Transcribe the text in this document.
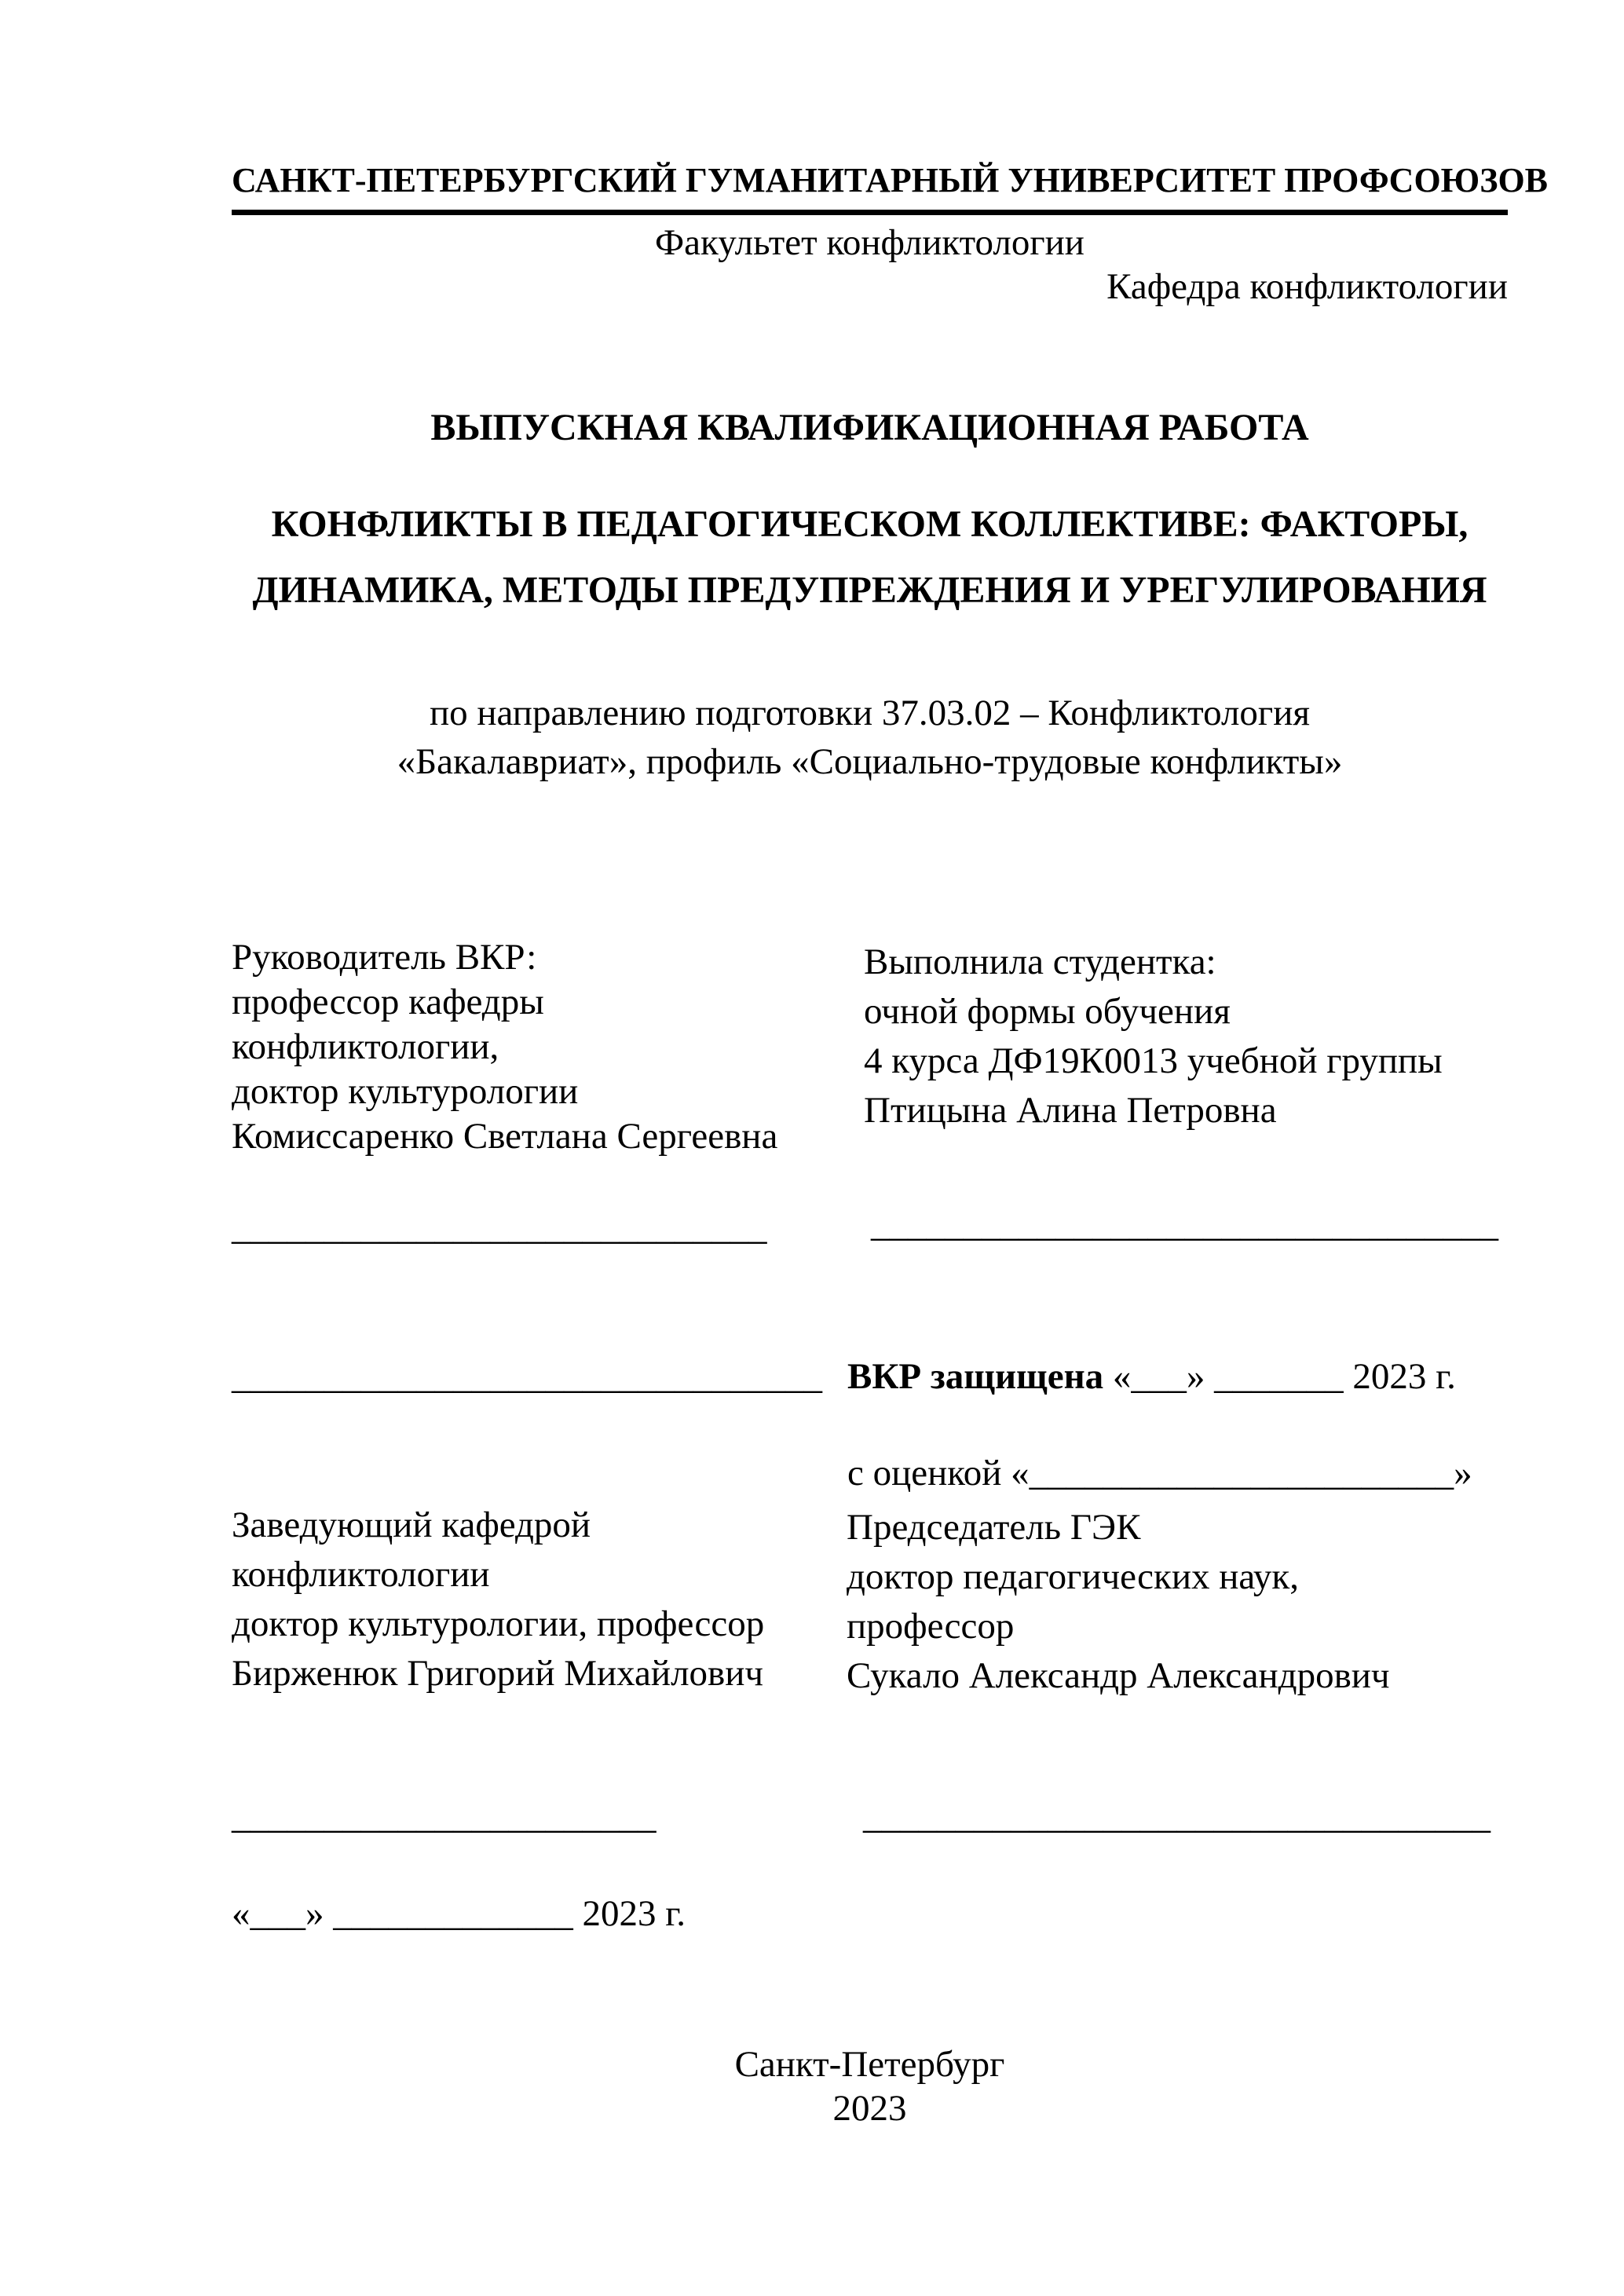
САНКТ-ПЕТЕРБУРГСКИЙ ГУМАНИТАРНЫЙ УНИВЕРСИТЕТ ПРОФСОЮЗОВ
Факультет конфликтологии
Кафедра конфликтологии
ВЫПУСКНАЯ КВАЛИФИКАЦИОННАЯ РАБОТА
КОНФЛИКТЫ В ПЕДАГОГИЧЕСКОМ КОЛЛЕКТИВЕ: ФАКТОРЫ,
ДИНАМИКА, МЕТОДЫ ПРЕДУПРЕЖДЕНИЯ И УРЕГУЛИРОВАНИЯ
по направлению подготовки 37.03.02 – Конфликтология
«Бакалавриат», профиль «Социально-трудовые конфликты»
Руководитель ВКР:
профессор кафедры
конфликтологии,
доктор культурологии
Комиссаренко Светлана Сергеевна
Выполнила студентка:
очной формы обучения
4 курса ДФ19К0013 учебной группы
Птицына Алина Петровна
_____________________________	__________________________________
________________________________ ВКР защищена «___» _______ 2023 г.
с оценкой «_______________________»
Заведующий кафедрой
конфликтологии
доктор культурологии, профессор
Бирженюк Григорий Михайлович
Председатель ГЭК
доктор педагогических наук,
профессор
Сукало Александр Александрович
_______________________	__________________________________
«___» _____________ 2023 г.
Санкт-Петербург
2023
